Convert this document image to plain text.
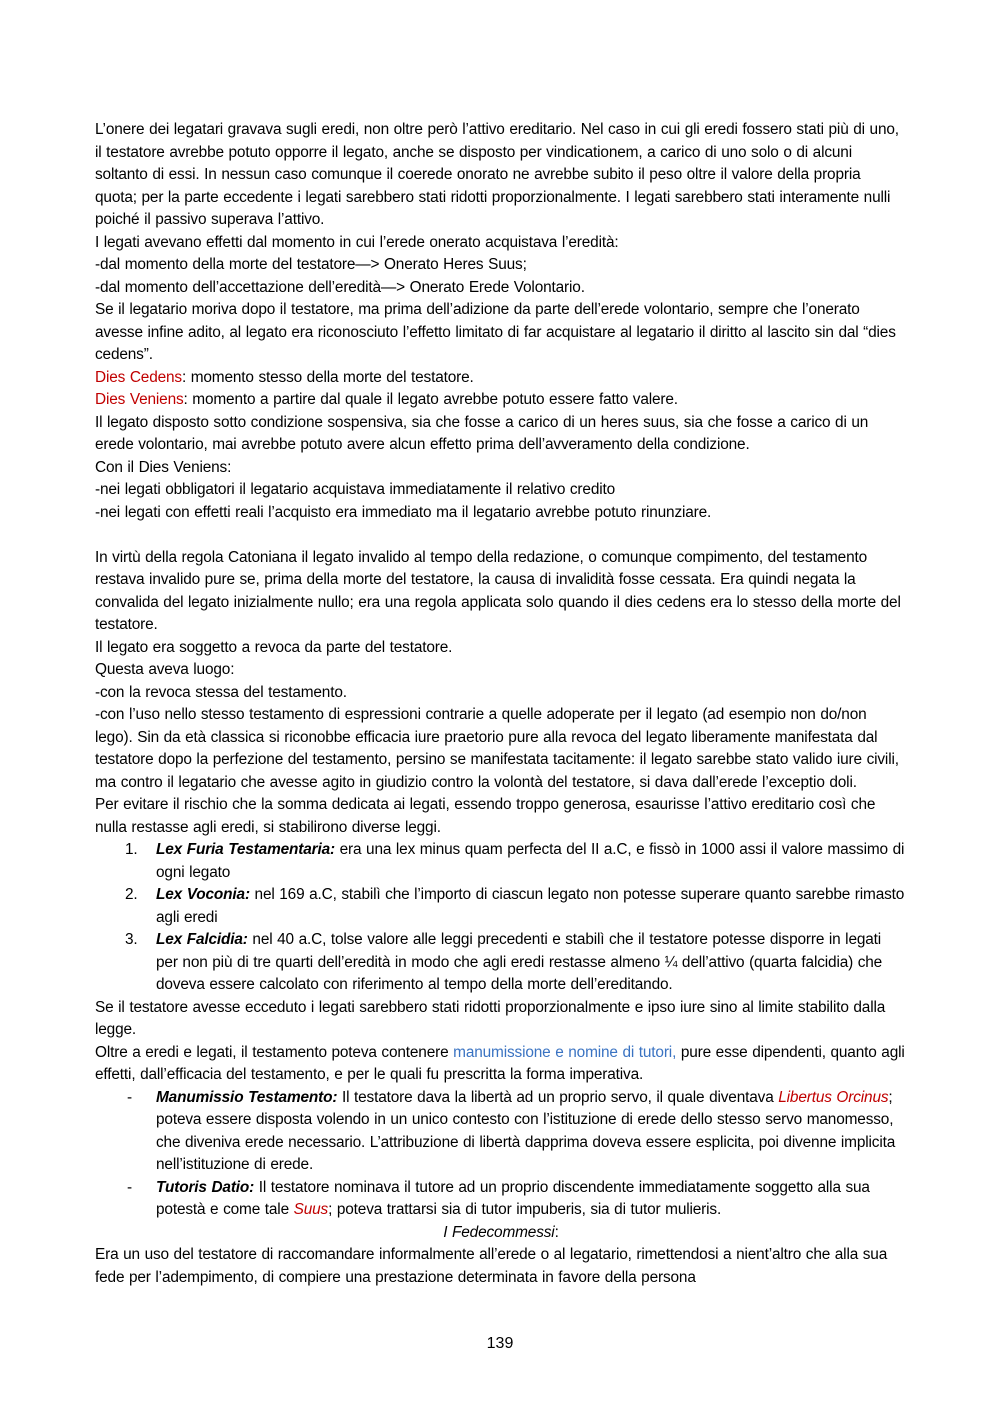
L’onere dei legatari gravava sugli eredi, non oltre però l’attivo ereditario. Nel caso in cui gli eredi fossero stati più di uno, il testatore avrebbe potuto opporre il legato, anche se disposto per vindicationem, a carico di uno solo o di alcuni soltanto di essi. In nessun caso comunque il coerede onorato ne avrebbe subito il peso oltre il valore della propria quota; per la parte eccedente i legati sarebbero stati ridotti proporzionalmente. I legati sarebbero stati interamente nulli poiché il passivo superava l’attivo.

I legati avevano effetti dal momento in cui l’erede onerato acquistava l’eredità:

-dal momento della morte del testatore—> Onerato Heres Suus;

-dal momento dell’accettazione dell’eredità—> Onerato Erede Volontario.

Se il legatario moriva dopo il testatore, ma prima dell’adizione da parte dell’erede volontario, sempre che l’onerato avesse infine adito, al legato era riconosciuto l’effetto limitato di far acquistare al legatario il diritto al lascito sin dal “dies cedens”.

Dies Cedens: momento stesso della morte del testatore.

Dies Veniens: momento a partire dal quale il legato avrebbe potuto essere fatto valere.

Il legato disposto sotto condizione sospensiva, sia che fosse a carico di un heres suus, sia che fosse a carico di un erede volontario, mai avrebbe potuto avere alcun effetto prima dell’avveramento della condizione.

Con il Dies Veniens:

-nei legati obbligatori il legatario acquistava immediatamente il relativo credito

-nei legati con effetti reali l’acquisto era immediato ma il legatario avrebbe potuto rinunziare.

In virtù della regola Catoniana il legato invalido al tempo della redazione, o comunque compimento, del testamento restava invalido pure se, prima della morte del testatore, la causa di invalidità fosse cessata. Era quindi negata la convalida del legato inizialmente nullo; era una regola applicata solo quando il dies cedens era lo stesso della morte del testatore.

Il legato era soggetto a revoca da parte del testatore.

Questa aveva luogo:

-con la revoca stessa del testamento.

-con l’uso nello stesso testamento di espressioni contrarie a quelle adoperate per il legato (ad esempio non do/non lego). Sin da età classica si riconobbe efficacia iure praetorio pure alla revoca del legato liberamente manifestata dal testatore dopo la perfezione del testamento, persino se manifestata tacitamente: il legato sarebbe stato valido iure civili, ma contro il legatario che avesse agito in giudizio contro la volontà del testatore, si dava dall’erede l’exceptio doli.

Per evitare il rischio che la somma dedicata ai legati, essendo troppo generosa, esaurisse l’attivo ereditario così che nulla restasse agli eredi, si stabilirono diverse leggi.

1. Lex Furia Testamentaria: era una lex minus quam perfecta del II a.C, e fissò in 1000 assi il valore massimo di ogni legato
2. Lex Voconia: nel 169 a.C, stabilì che l’importo di ciascun legato non potesse superare quanto sarebbe rimasto agli eredi
3. Lex Falcidia: nel 40 a.C, tolse valore alle leggi precedenti e stabilì che il testatore potesse disporre in legati per non più di tre quarti dell’eredità in modo che agli eredi restasse almeno ¼ dell’attivo (quarta falcidia) che doveva essere calcolato con riferimento al tempo della morte dell’ereditando.

Se il testatore avesse ecceduto i legati sarebbero stati ridotti proporzionalmente e ipso iure sino al limite stabilito dalla legge.

Oltre a eredi e legati, il testamento poteva contenere manumissione e nomine di tutori, pure esse dipendenti, quanto agli effetti, dall’efficacia del testamento, e per le quali fu prescritta la forma imperativa.

- Manumissio Testamento: Il testatore dava la libertà ad un proprio servo, il quale diventava Libertus Orcinus; poteva essere disposta volendo in un unico contesto con l’istituzione di erede dello stesso servo manomesso, che diveniva erede necessario. L’attribuzione di libertà dapprima doveva essere esplicita, poi divenne implicita nell’istituzione di erede.
- Tutoris Datio: Il testatore nominava il tutore ad un proprio discendente immediatamente soggetto alla sua potestà e come tale Suus; poteva trattarsi sia di tutor impuberis, sia di tutor mulieris.

I Fedecommessi:

Era un uso del testatore di raccomandare informalmente all’erede o al legatario, rimettendosi a nient’altro che alla sua fede per l’adempimento, di compiere una prestazione determinata in favore della persona

139
